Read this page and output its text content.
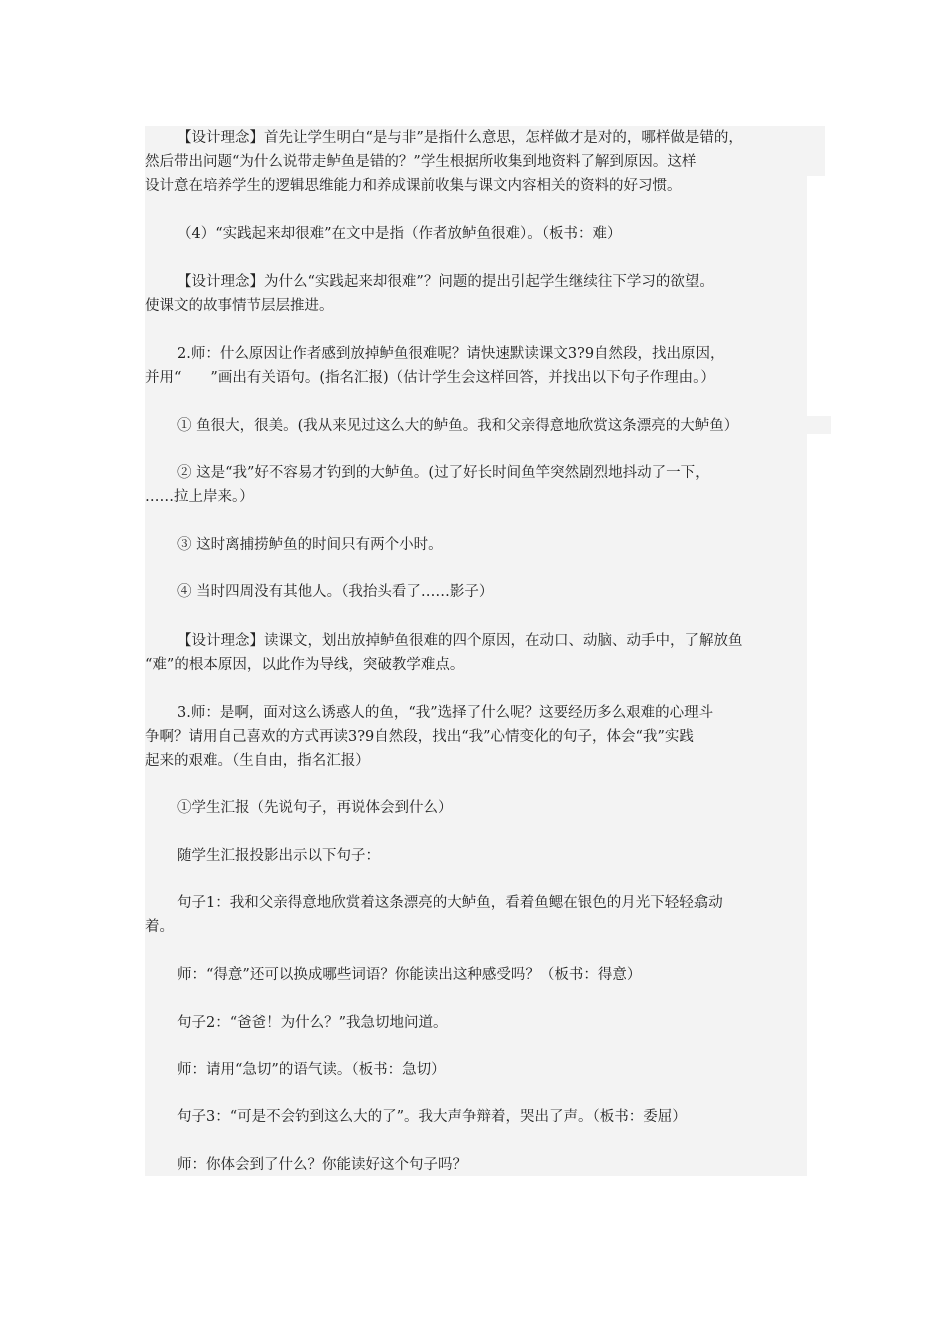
【设计理念】首先让学生明白“是与非”是指什么意思，怎样做才是对的，哪样做是错的，
然后带出问题“为什么说带走鲈鱼是错的？”学生根据所收集到地资料了解到原因。这样
设计意在培养学生的逻辑思维能力和养成课前收集与课文内容相关的资料的好习惯。

（4）“实践起来却很难”在文中是指（作者放鲈鱼很难）。（板书：难）

【设计理念】为什么“实践起来却很难”？问题的提出引起学生继续往下学习的欲望。
使课文的故事情节层层推进。

2.师：什么原因让作者感到放掉鲈鱼很难呢？请快速默读课文3?9自然段，找出原因，
并用“　　”画出有关语句。(指名汇报)（估计学生会这样回答，并找出以下句子作理由。）

① 鱼很大，很美。(我从来见过这么大的鲈鱼。我和父亲得意地欣赏这条漂亮的大鲈鱼）

② 这是“我”好不容易才钓到的大鲈鱼。(过了好长时间鱼竿突然剧烈地抖动了一下，
……拉上岸来。）

③ 这时离捕捞鲈鱼的时间只有两个小时。

④ 当时四周没有其他人。（我抬头看了……影子）

【设计理念】读课文，划出放掉鲈鱼很难的四个原因，在动口、动脑、动手中，了解放鱼
“难”的根本原因，以此作为导线，突破教学难点。

3.师：是啊，面对这么诱惑人的鱼，“我”选择了什么呢？这要经历多么艰难的心理斗
争啊？请用自己喜欢的方式再读3?9自然段，找出“我”心情变化的句子，体会“我”实践
起来的艰难。（生自由，指名汇报）

①学生汇报（先说句子，再说体会到什么）

随学生汇报投影出示以下句子：

句子1：我和父亲得意地欣赏着这条漂亮的大鲈鱼，看着鱼鳃在银色的月光下轻轻翕动
着。

师：“得意”还可以换成哪些词语？你能读出这种感受吗？（板书：得意）

句子2：“爸爸！为什么？”我急切地问道。

师：请用“急切”的语气读。（板书：急切）

句子3：“可是不会钓到这么大的了”。我大声争辩着，哭出了声。（板书：委屈）

师：你体会到了什么？你能读好这个句子吗？
